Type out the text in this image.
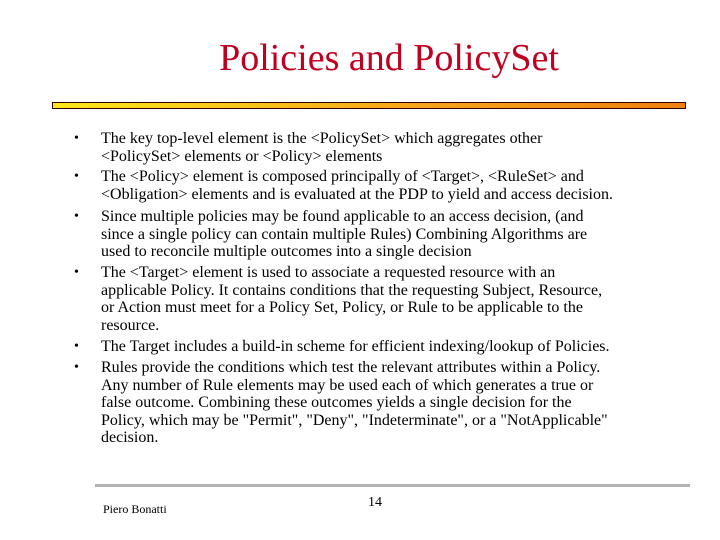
Policies and PolicySet
• The key top-level element is the <PolicySet> which aggregates other
<PolicySet> elements or <Policy> elements
• The <Policy> element is composed principally of <Target>, <RuleSet> and
<Obligation> elements and is evaluated at the PDP to yield and access decision.
• Since multiple policies may be found applicable to an access decision, (and
since a single policy can contain multiple Rules) Combining Algorithms are
used to reconcile multiple outcomes into a single decision
• The <Target> element is used to associate a requested resource with an
applicable Policy. It contains conditions that the requesting Subject, Resource,
or Action must meet for a Policy Set, Policy, or Rule to be applicable to the
resource.
• The Target includes a build-in scheme for efficient indexing/lookup of Policies.
• Rules provide the conditions which test the relevant attributes within a Policy.
Any number of Rule elements may be used each of which generates a true or
false outcome. Combining these outcomes yields a single decision for the
Policy, which may be "Permit", "Deny", "Indeterminate", or a "NotApplicable"
decision.
Piero Bonatti	14
